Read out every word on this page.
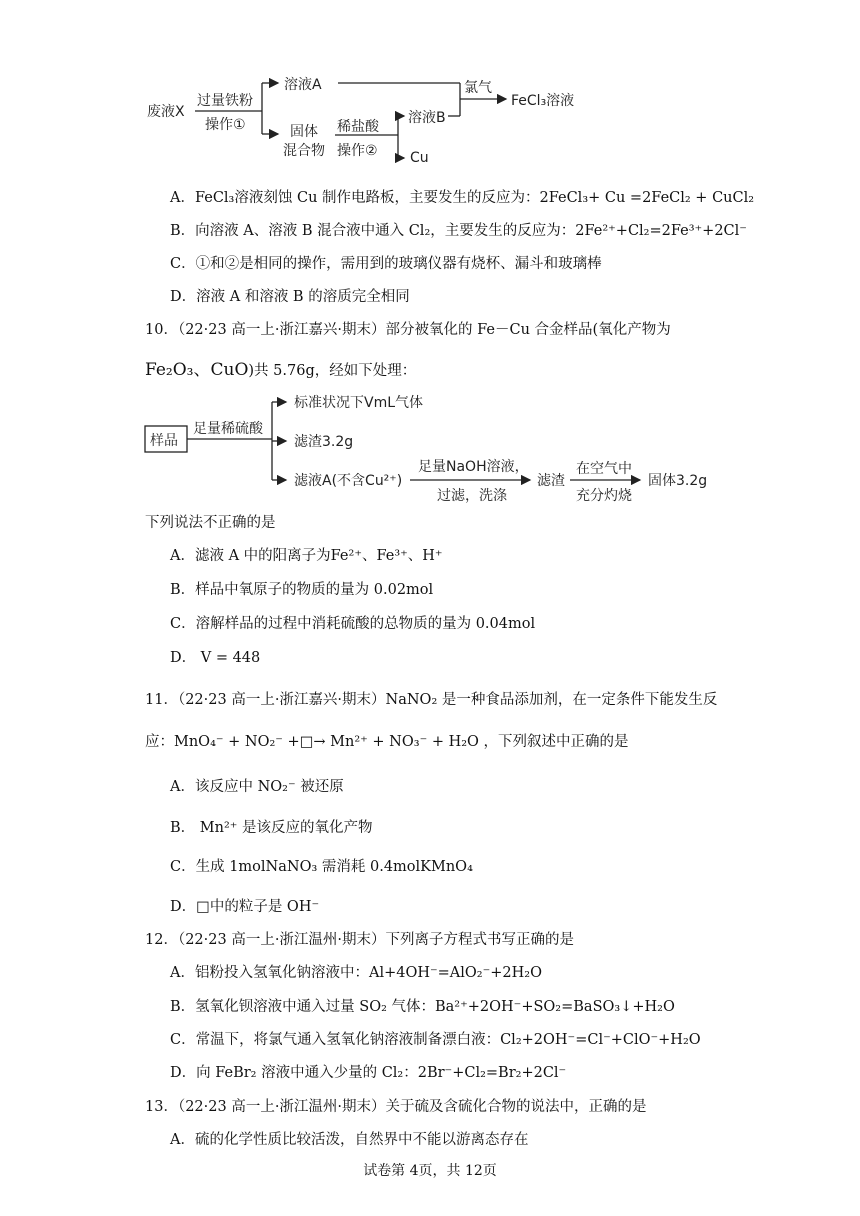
废液X
过量铁粉
操作①
溶液A
固体
混合物
稀盐酸
操作②
溶液B
Cu
氯气
FeCl₃溶液
A．FeCl₃溶液刻蚀 Cu 制作电路板，主要发生的反应为：2FeCl₃+ Cu =2FeCl₂ + CuCl₂
B．向溶液 A、溶液 B 混合液中通入 Cl₂，主要发生的反应为：2Fe²⁺+Cl₂=2Fe³⁺+2Cl⁻
C．①和②是相同的操作，需用到的玻璃仪器有烧杯、漏斗和玻璃棒
D．溶液 A 和溶液 B 的溶质完全相同
10．（22·23 高一上·浙江嘉兴·期末）部分被氧化的 Fe－Cu 合金样品(氧化产物为
Fe₂O₃、CuO)共 5.76g，经如下处理：
样品
足量稀硫酸
标准状况下VmL气体
滤渣3.2g
滤液A(不含Cu²⁺)
足量NaOH溶液，
过滤，洗涤
滤渣
在空气中
充分灼烧
固体3.2g
下列说法不正确的是
A．滤液 A 中的阳离子为Fe²⁺、Fe³⁺、H⁺
B．样品中氧原子的物质的量为 0.02mol
C．溶解样品的过程中消耗硫酸的总物质的量为 0.04mol
D． V = 448
11．（22·23 高一上·浙江嘉兴·期末）NaNO₂ 是一种食品添加剂，在一定条件下能发生反
应：MnO₄⁻ + NO₂⁻ +□→ Mn²⁺ + NO₃⁻ + H₂O ，下列叙述中正确的是
A．该反应中 NO₂⁻ 被还原
B． Mn²⁺ 是该反应的氧化产物
C．生成 1molNaNO₃ 需消耗 0.4molKMnO₄
D．□中的粒子是 OH⁻
12．（22·23 高一上·浙江温州·期末）下列离子方程式书写正确的是
A．铝粉投入氢氧化钠溶液中：Al+4OH⁻=AlO₂⁻+2H₂O
B．氢氧化钡溶液中通入过量 SO₂ 气体：Ba²⁺+2OH⁻+SO₂=BaSO₃↓+H₂O
C．常温下，将氯气通入氢氧化钠溶液制备漂白液：Cl₂+2OH⁻=Cl⁻+ClO⁻+H₂O
D．向 FeBr₂ 溶液中通入少量的 Cl₂：2Br⁻+Cl₂=Br₂+2Cl⁻
13．（22·23 高一上·浙江温州·期末）关于硫及含硫化合物的说法中，正确的是
A．硫的化学性质比较活泼，自然界中不能以游离态存在
试卷第 4页，共 12页
